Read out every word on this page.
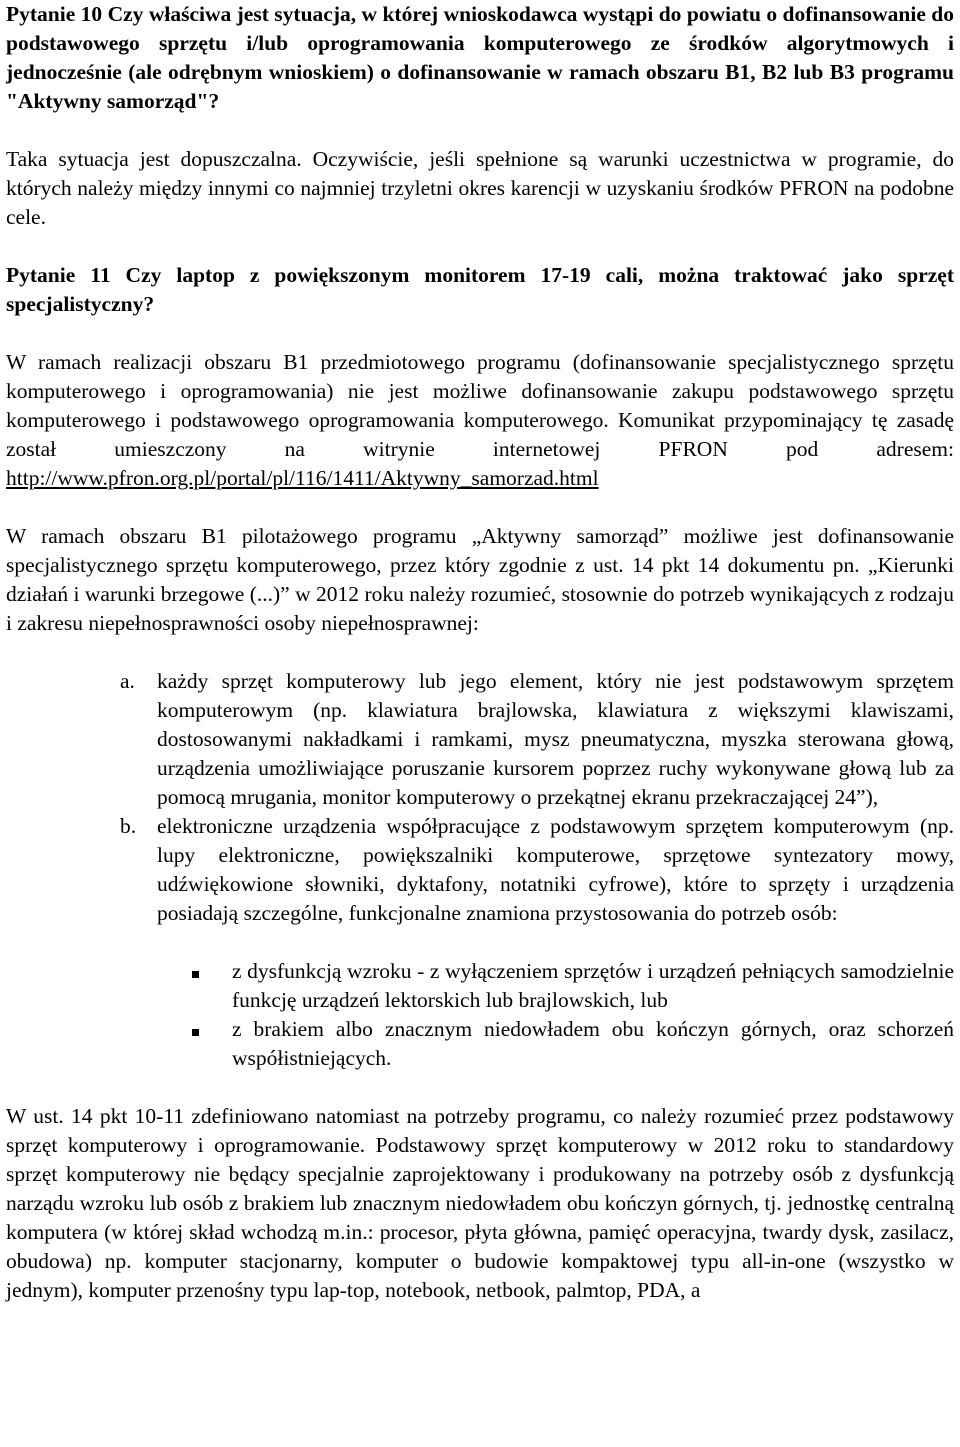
Pytanie 10 Czy właściwa jest sytuacja, w której wnioskodawca wystąpi do powiatu o dofinansowanie do podstawowego sprzętu i/lub oprogramowania komputerowego ze środków algorytmowych i jednocześnie (ale odrębnym wnioskiem) o dofinansowanie w ramach obszaru B1, B2 lub B3 programu "Aktywny samorząd"?

Taka sytuacja jest dopuszczalna. Oczywiście, jeśli spełnione są warunki uczestnictwa w programie, do których należy między innymi co najmniej trzyletni okres karencji w uzyskaniu środków PFRON na podobne cele.

Pytanie 11 Czy laptop z powiększonym monitorem 17-19 cali, można traktować jako sprzęt specjalistyczny?

W ramach realizacji obszaru B1 przedmiotowego programu (dofinansowanie specjalistycznego sprzętu komputerowego i oprogramowania) nie jest możliwe dofinansowanie zakupu podstawowego sprzętu komputerowego i podstawowego oprogramowania komputerowego. Komunikat przypominający tę zasadę został umieszczony na witrynie internetowej PFRON pod adresem: http://www.pfron.org.pl/portal/pl/116/1411/Aktywny_samorzad.html

W ramach obszaru B1 pilotażowego programu „Aktywny samorząd” możliwe jest dofinansowanie specjalistycznego sprzętu komputerowego, przez który zgodnie z ust. 14 pkt 14 dokumentu pn. „Kierunki działań i warunki brzegowe (...)” w 2012 roku należy rozumieć, stosownie do potrzeb wynikających z rodzaju i zakresu niepełnosprawności osoby niepełnosprawnej:

a.	każdy sprzęt komputerowy lub jego element, który nie jest podstawowym sprzętem komputerowym (np. klawiatura brajlowska, klawiatura z większymi klawiszami, dostosowanymi nakładkami i ramkami, mysz pneumatyczna, myszka sterowana głową, urządzenia umożliwiające poruszanie kursorem poprzez ruchy wykonywane głową lub za pomocą mrugania, monitor komputerowy o przekątnej ekranu przekraczającej 24”),
b. elektroniczne urządzenia współpracujące z podstawowym sprzętem komputerowym (np. lupy elektroniczne, powiększalniki komputerowe, sprzętowe syntezatory mowy, udźwiękowione słowniki, dyktafony, notatniki cyfrowe), które to sprzęty i urządzenia posiadają szczególne, funkcjonalne znamiona przystosowania do potrzeb osób:
z dysfunkcją wzroku - z wyłączeniem sprzętów i urządzeń pełniących samodzielnie funkcję urządzeń lektorskich lub brajlowskich, lub
z brakiem albo znacznym niedowładem obu kończyn górnych, oraz schorzeń współistniejących.

W ust. 14 pkt 10-11 zdefiniowano natomiast na potrzeby programu, co należy rozumieć przez podstawowy sprzęt komputerowy i oprogramowanie. Podstawowy sprzęt komputerowy w 2012 roku to standardowy sprzęt komputerowy nie będący specjalnie zaprojektowany i produkowany na potrzeby osób z dysfunkcją narządu wzroku lub osób z brakiem lub znacznym niedowładem obu kończyn górnych, tj. jednostkę centralną komputera (w której skład wchodzą m.in.: procesor, płyta główna, pamięć operacyjna, twardy dysk, zasilacz, obudowa) np. komputer stacjonarny, komputer o budowie kompaktowej typu all-in-one (wszystko w jednym), komputer przenośny typu lap-top, notebook, netbook, palmtop, PDA, a
